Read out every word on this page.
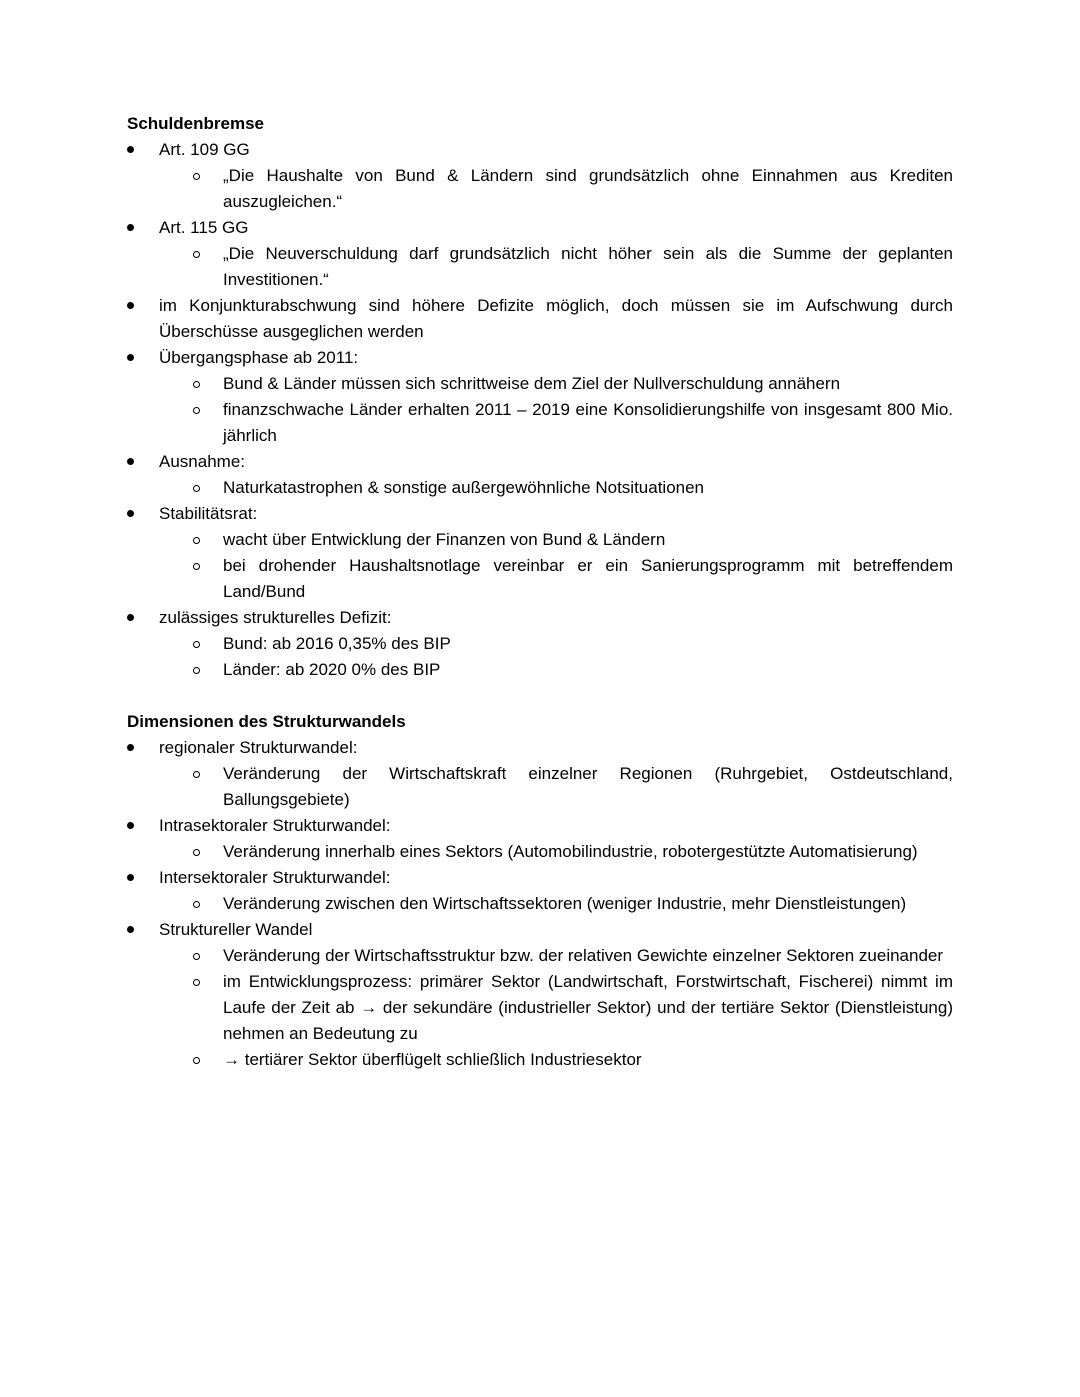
Schuldenbremse
Art. 109 GG
„Die Haushalte von Bund & Ländern sind grundsätzlich ohne Einnahmen aus Krediten auszugleichen.“
Art. 115 GG
„Die Neuverschuldung darf grundsätzlich nicht höher sein als die Summe der geplanten Investitionen.“
im Konjunkturabschwung sind höhere Defizite möglich, doch müssen sie im Aufschwung durch Überschüsse ausgeglichen werden
Übergangsphase ab 2011:
Bund & Länder müssen sich schrittweise dem Ziel der Nullverschuldung annähern
finanzschwache Länder erhalten 2011 – 2019 eine Konsolidierungshilfe von insgesamt 800 Mio. jährlich
Ausnahme:
Naturkatastrophen & sonstige außergewöhnliche Notsituationen
Stabilitätsrat:
wacht über Entwicklung der Finanzen von Bund & Ländern
bei drohender Haushaltsnotlage vereinbar er ein Sanierungsprogramm mit betreffendem Land/Bund
zulässiges strukturelles Defizit:
Bund: ab 2016 0,35% des BIP
Länder: ab 2020 0% des BIP
Dimensionen des Strukturwandels
regionaler Strukturwandel:
Veränderung der Wirtschaftskraft einzelner Regionen (Ruhrgebiet, Ostdeutschland, Ballungsgebiete)
Intrasektoraler Strukturwandel:
Veränderung innerhalb eines Sektors (Automobilindustrie, robotergestützte Automatisierung)
Intersektoraler Strukturwandel:
Veränderung zwischen den Wirtschaftssektoren (weniger Industrie, mehr Dienstleistungen)
Struktureller Wandel
Veränderung der Wirtschaftsstruktur bzw. der relativen Gewichte einzelner Sektoren zueinander
im Entwicklungsprozess: primärer Sektor (Landwirtschaft, Forstwirtschaft, Fischerei) nimmt im Laufe der Zeit ab → der sekundäre (industrieller Sektor) und der tertiäre Sektor (Dienstleistung) nehmen an Bedeutung zu
→ tertiärer Sektor überflügelt schließlich Industriesektor
